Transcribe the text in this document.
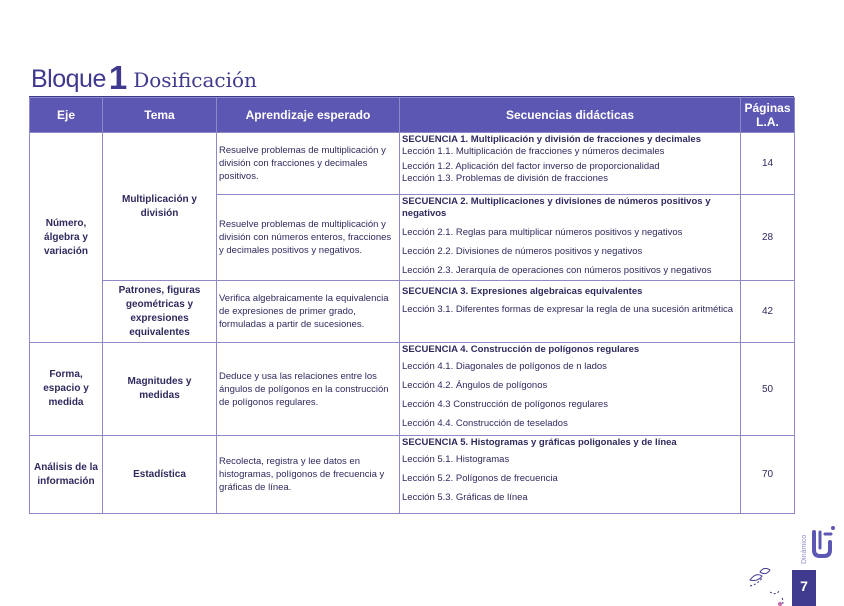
Bloque 1 Dosificación
Eje	Tema	Aprendizaje esperado	Secuencias didácticas	Páginas
L.A.
Número, álgebra y variación	Multiplicación y división	Resuelve problemas de multiplicación y división con fracciones y decimales positivos.	SECUENCIA 1. Multiplicación y división de fracciones y decimales
Lección 1.1. Multiplicación de fracciones y números decimales
Lección 1.2. Aplicación del factor inverso de proporcionalidad
Lección 1.3. Problemas de división de fracciones	14
		Resuelve problemas de multiplicación y división con números enteros, fracciones y decimales positivos y negativos.	SECUENCIA 2. Multiplicaciones y divisiones de números positivos y negativos
Lección 2.1. Reglas para multiplicar números positivos y negativos
Lección 2.2. Divisiones de números positivos y negativos
Lección 2.3. Jerarquía de operaciones con números positivos y negativos	28
	Patrones, figuras geométricas y expresiones equivalentes	Verifica algebraicamente la equivalencia de expresiones de primer grado, formuladas a partir de sucesiones.	SECUENCIA 3. Expresiones algebraicas equivalentes
Lección 3.1. Diferentes formas de expresar la regla de una sucesión aritmética	42
Forma, espacio y medida	Magnitudes y medidas	Deduce y usa las relaciones entre los ángulos de polígonos en la construcción de polígonos regulares.	SECUENCIA 4. Construcción de polígonos regulares
Lección 4.1. Diagonales de polígonos de n lados
Lección 4.2. Ángulos de polígonos
Lección 4.3 Construcción de polígonos regulares
Lección 4.4. Construcción de teselados	50
Análisis de la información	Estadística	Recolecta, registra y lee datos en histogramas, polígonos de frecuencia y gráficas de línea.	SECUENCIA 5. Histogramas y gráficas poligonales y de línea
Lección 5.1. Histogramas
Lección 5.2. Polígonos de frecuencia
Lección 5.3. Gráficas de línea	70
Dinámico
7
